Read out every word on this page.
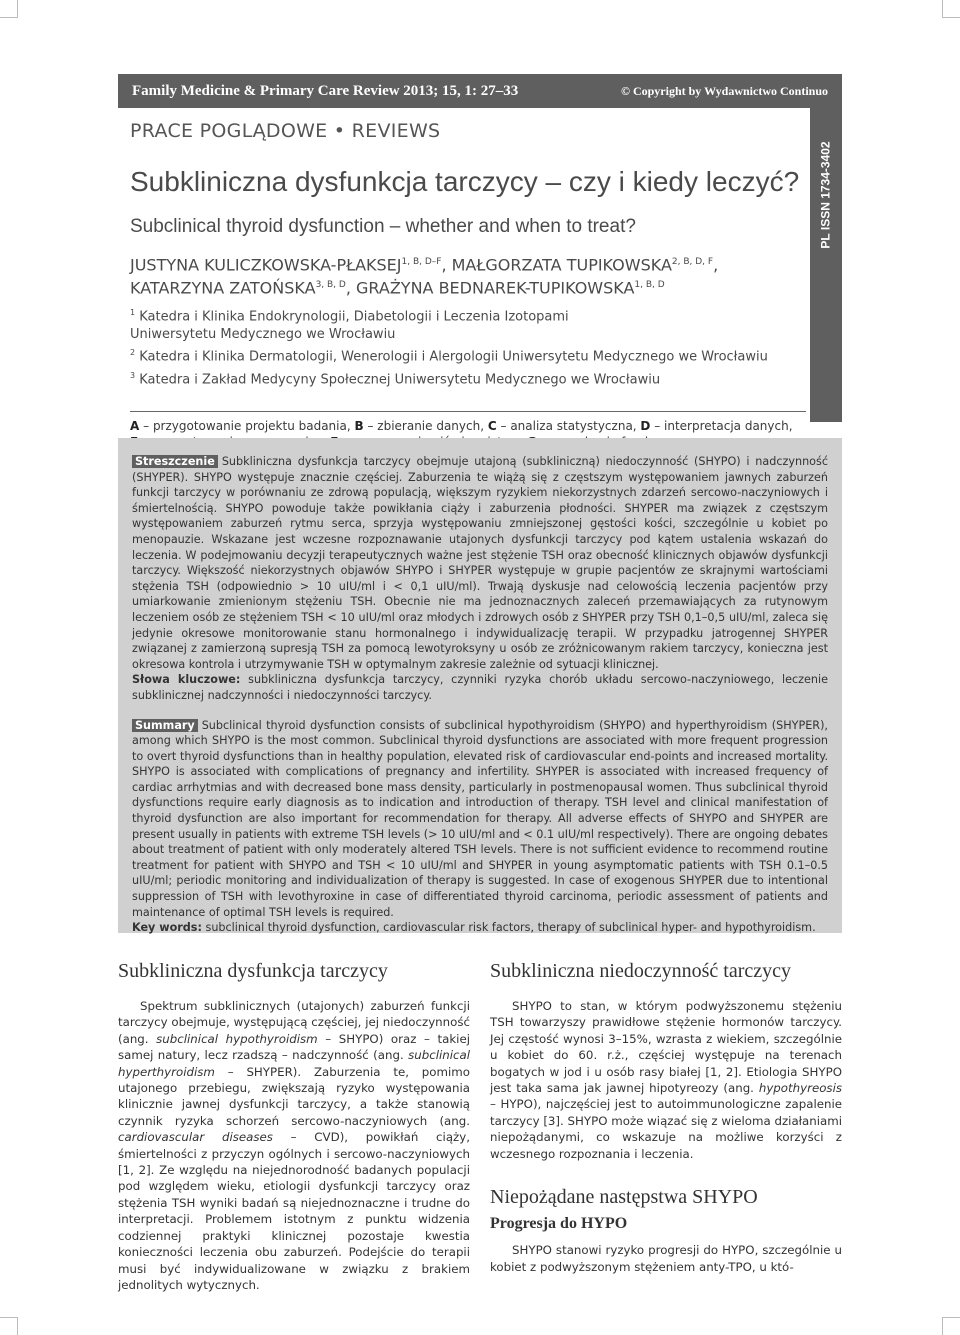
Family Medicine & Primary Care Review 2013; 15, 1: 27–33	© Copyright by Wydawnictwo Continuo
PRACE POGLĄDOWE • REVIEWS
Subkliniczna dysfunkcja tarczycy – czy i kiedy leczyć?
Subclinical thyroid dysfunction – whether and when to treat?
JUSTYNA KULICZKOWSKA-$PŁAKSEJ^{1, B, D-F}$, MAŁGORZATA $TUPIKOWSKA^{2, B, D, F}$,
KATARZYNA $ZATOŃSKA^{3, B, D}$, GRAŻYNA BEDNAREK-$TUPIKOWSKA^{1, B, D}$
$^1$ Katedra i Klinika Endokrynologii, Diabetologii i Leczenia Izotopami
Uniwersytetu Medycznego we Wrocławiu
$^2$ Katedra i Klinika Dermatologii, Wenerologii i Alergologii Uniwersytetu Medycznego we Wrocławiu
$^3$ Katedra i Zakład Medycyny Społecznej Uniwersytetu Medycznego we Wrocławiu
A – przygotowanie projektu badania, B – zbieranie danych, C – analiza statystyczna, D – interpretacja danych,

PL ISSN 1734-3402

Streszczenie Subkliniczna dysfunkcja tarczycy obejmuje utajoną (subkliniczną) niedoczynność (SHYPO) i nadczynność (SHYPER). SHYPO występuje znacznie częściej. Zaburzenia te wiążą się z częstszym występowaniem jawnych zaburzeń funkcji tarczycy w porównaniu ze zdrową populacją, większym ryzykiem niekorzystnych zdarzeń sercowo-naczyniowych i śmiertelnością. SHYPO powoduje także powikłania ciąży i zaburzenia płodności. SHYPER ma związek z częstszym występowaniem zaburzeń rytmu serca, sprzyja występowaniu zmniejszonej gęstości kości, szczególnie u kobiet po menopauzie. Wskazane jest wczesne rozpoznawanie utajonych dysfunkcji tarczycy pod kątem ustalenia wskazań do leczenia. W podejmowaniu decyzji terapeutycznych ważne jest stężenie TSH oraz obecność klinicznych objawów dysfunkcji tarczycy. Większość niekorzystnych objawów SHYPO i SHYPER występuje w grupie pacjentów ze skrajnymi wartościami stężenia TSH (odpowiednio > 10 uIU/ml i < 0,1 uIU/ml). Trwają dyskusje nad celowością leczenia pacjentów przy umiarkowanie zmienionym stężeniu TSH. Obecnie nie ma jednoznacznych zaleceń przemawiających za rutynowym leczeniem osób ze stężeniem TSH < 10 uIU/ml oraz młodych i zdrowych osób z SHYPER przy TSH 0,1–0,5 uIU/ml, zaleca się jedynie okresowe monitorowanie stanu hormonalnego i indywidualizację terapii. W przypadku jatrogennej SHYPER związanej z zamierzoną supresją TSH za pomocą lewotyroksyny u osób ze zróżnicowanym rakiem tarczycy, konieczna jest okresowa kontrola i utrzymywanie TSH w optymalnym zakresie zależnie od sytuacji klinicznej.

Słowa kluczowe: subkliniczna dysfunkcja tarczycy, czynniki ryzyka chorób układu sercowo-naczyniowego, leczenie subklinicznej nadczynności i niedoczynności tarczycy.

Summary Subclinical thyroid dysfunction consists of subclinical hypothyroidism (SHYPO) and hyperthyroidism (SHYPER), among which SHYPO is the most common. Subclinical thyroid dysfunctions are associated with more frequent progression to overt thyroid dysfunctions than in healthy population, elevated risk of cardiovascular end-points and increased mortality. SHYPO is associated with complications of pregnancy and infertility. SHYPER is associated with increased frequency of cardiac arrhytmias and with decreased bone mass density, particularly in postmenopausal women. Thus subclinical thyroid dysfunctions require early diagnosis as to indication and introduction of therapy. TSH level and clinical manifestation of thyroid dysfunction are also important for recommendation for therapy. All adverse effects of SHYPO and SHYPER are present usually in patients with extreme TSH levels (> 10 uIU/ml and < 0.1 uIU/ml respectively). There are ongoing debates about treatment of patient with only moderately altered TSH levels. There is not sufficient evidence to recommend routine treatment for patient with SHYPO and TSH < 10 uIU/ml and SHYPER in young asymptomatic patients with TSH 0.1–0.5 uIU/ml; periodic monitoring and individualization of therapy is suggested. In case of exogenous SHYPER due to intentional suppression of TSH with levothyroxine in case of differentiated thyroid carcinoma, periodic assessment of patients and maintenance of optimal TSH levels is required.

Key words: subclinical thyroid dysfunction, cardiovascular risk factors, therapy of subclinical hyper- and hypothyroidism.

Subkliniczna dysfunkcja tarczycy

Spektrum subklinicznych (utajonych) zaburzeń funkcji tarczycy obejmuje, występującą częściej, jej niedoczynność (ang. subclinical hypothyroidism – SHYPO) oraz – takiej samej natury, lecz rzadszą – nadczynność (ang. subclinical hyperthyroidism – SHYPER). Zaburzenia te, pomimo utajonego przebiegu, zwiększają ryzyko występowania klinicznie jawnej dysfunkcji tarczycy, a także stanowią czynnik ryzyka schorzeń sercowo-naczyniowych (ang. cardiovascular diseases – CVD), powikłań ciąży, śmiertelności z przyczyn ogólnych i sercowo-naczyniowych [1, 2]. Ze względu na niejednorodność badanych populacji pod względem wieku, etiologii dysfunkcji tarczycy oraz stężenia TSH wyniki badań są niejednoznaczne i trudne do interpretacji. Problemem istotnym z punktu widzenia codziennej praktyki klinicznej pozostaje kwestia konieczności leczenia obu zaburzeń. Podejście do terapii musi być indywidualizowane w związku z brakiem jednolitych wytycznych.

Subkliniczna niedoczynność tarczycy

SHYPO to stan, w którym podwyższonemu stężeniu TSH towarzyszy prawidłowe stężenie hormonów tarczycy. Jej częstość wynosi 3–15%, wzrasta z wiekiem, szczególnie u kobiet do 60. r.ż., częściej występuje na terenach bogatych w jod i u osób rasy białej [1, 2]. Etiologia SHYPO jest taka sama jak jawnej hipotyreozy (ang. hypothyreosis – HYPO), najczęściej jest to autoimmunologiczne zapalenie tarczycy [3]. SHYPO może wiązać się z wieloma działaniami niepożądanymi, co wskazuje na możliwe korzyści z wczesnego rozpoznania i leczenia.

Niepożądane następstwa SHYPO
Progresja do HYPO

SHYPO stanowi ryzyko progresji do HYPO, szczególnie u kobiet z podwyższonym stężeniem anty-TPO, u któ-
